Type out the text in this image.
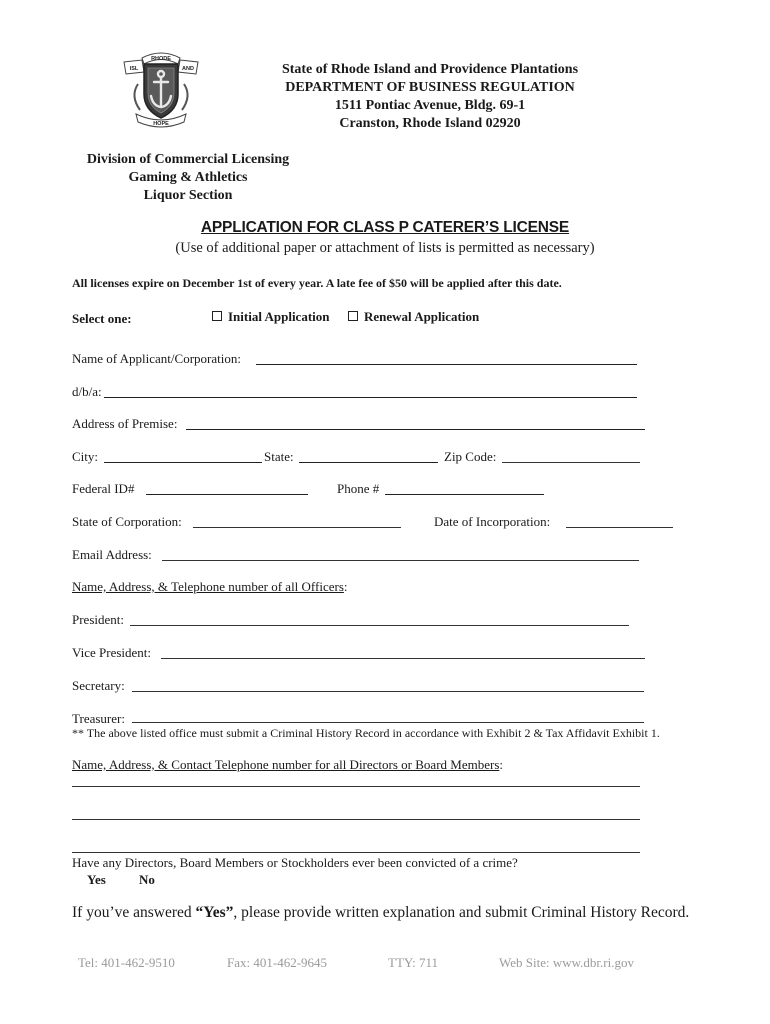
RHODE
ISL	AND
HOPE
State of Rhode Island and Providence Plantations
DEPARTMENT OF BUSINESS REGULATION
1511 Pontiac Avenue, Bldg. 69-1
Cranston, Rhode Island 02920
Division of Commercial Licensing
Gaming & Athletics
Liquor Section
APPLICATION FOR CLASS P CATERER’S LICENSE
(Use of additional paper or attachment of lists is permitted as necessary)
All licenses expire on December 1st of every year. A late fee of $50 will be applied after this date.
Select one:	Initial Application	Renewal Application
Name of Applicant/Corporation:
d/b/a:
Address of Premise:
City:	State:	Zip Code:
Federal ID#	Phone #
State of Corporation:	Date of Incorporation:
Email Address:
Name, Address, & Telephone number of all Officers:
President:
Vice President:
Secretary:
Treasurer:
** The above listed office must submit a Criminal History Record in accordance with Exhibit 2 & Tax Affidavit Exhibit 1.
Name, Address, & Contact Telephone number for all Directors or Board Members:
Have any Directors, Board Members or Stockholders ever been convicted of a crime?
Yes	No
If you’ve answered “Yes”, please provide written explanation and submit Criminal History Record.
Tel: 401-462-9510	Fax: 401-462-9645	TTY: 711	Web Site: www.dbr.ri.gov
